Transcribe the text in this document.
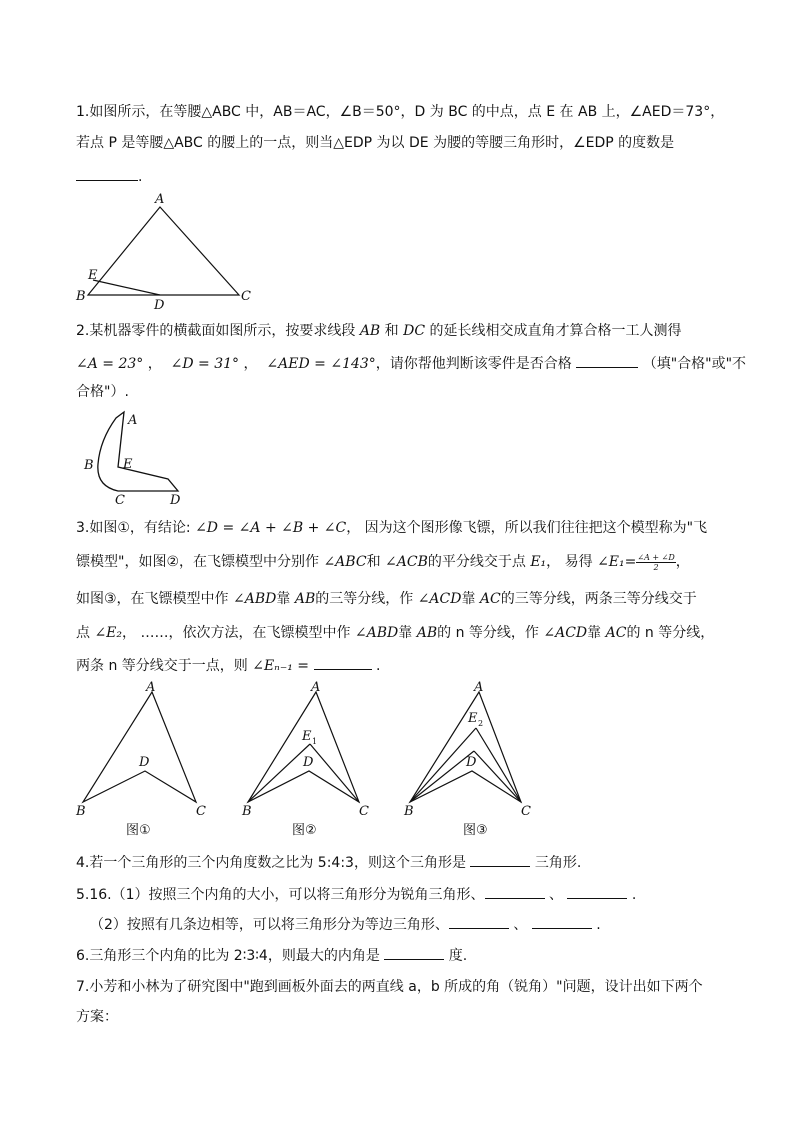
1.如图所示，在等腰△ABC 中，AB＝AC，∠B＝50°，D 为 BC 的中点，点 E 在 AB 上，∠AED＝73°，
若点 P 是等腰△ABC 的腰上的一点，则当△EDP 为以 DE 为腰的等腰三角形时，∠EDP 的度数是
.
A
B	C
D
E
2.某机器零件的横截面如图所示，按要求线段 AB 和 DC 的延长线相交成直角才算合格一工人测得
∠A = 23° ，  ∠D = 31° ，  ∠AED = ∠143°，请你帮他判断该零件是否合格	（填"合格"或"不
合格"）.
A
B
C	D
E
3.如图①，有结论: ∠D = ∠A + ∠B + ∠C， 因为这个图形像飞镖，所以我们往往把这个模型称为"飞
镖模型"，如图②，在飞镖模型中分别作 ∠ABC和 ∠ACB的平分线交于点 E₁， 易得 ∠E₁= $\frac{\angle A + \angle D}{2}$ ，
如图③，在飞镖模型中作 ∠ABD靠 AB的三等分线，作 ∠ACD靠 AC的三等分线，两条三等分线交于
点 ∠E₂， ……，依次方法，在飞镖模型中作 ∠ABD靠 AB的 n 等分线，作 ∠ACD靠 AC的 n 等分线，
两条 n 等分线交于一点，则 ∠Eₙ₋₁ =	.
A
B	C
D
图①
A
E 1
D
B	C
图②
A
E 2
D
B	C
图③
4.若一个三角形的三个内角度数之比为 5:4:3，则这个三角形是	三角形.
5.16.（1）按照三个内角的大小，可以将三角形分为锐角三角形、	、	.
（2）按照有几条边相等，可以将三角形分为等边三角形、	、	.
6.三角形三个内角的比为 2∶3∶4，则最大的内角是	度.
7.小芳和小林为了研究图中"跑到画板外面去的两直线 a，b 所成的角（锐角）"问题，设计出如下两个
方案：
